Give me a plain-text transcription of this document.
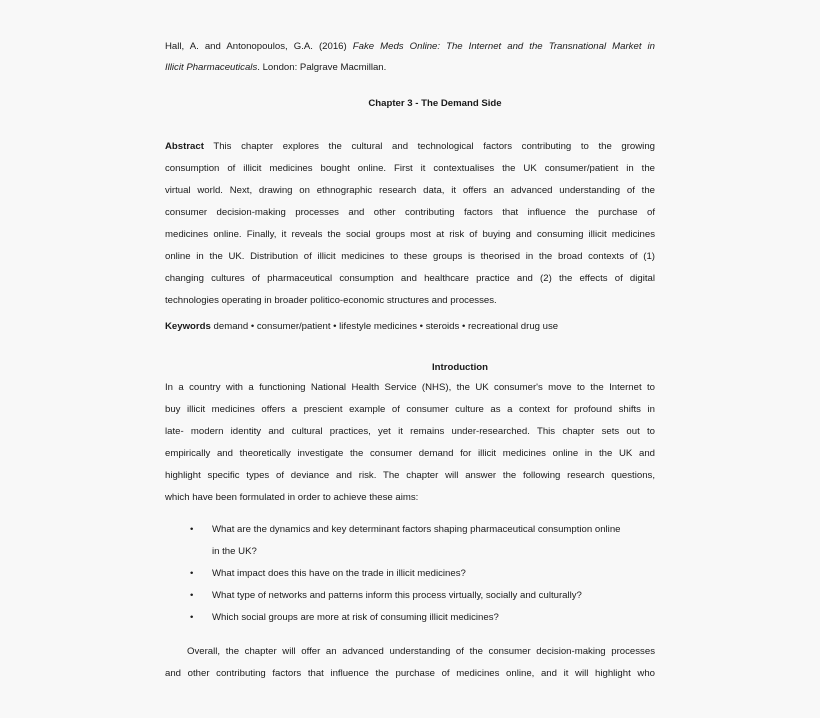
Hall, A. and Antonopoulos, G.A. (2016) Fake Meds Online: The Internet and the Transnational Market in
Illicit Pharmaceuticals. London: Palgrave Macmillan.
Chapter 3 - The Demand Side
Abstract This chapter explores the cultural and technological factors contributing to the growing
consumption of illicit medicines bought online. First it contextualises the UK consumer/patient in the
virtual world. Next, drawing on ethnographic research data, it offers an advanced understanding of the
consumer decision-making processes and other contributing factors that influence the purchase of
medicines online. Finally, it reveals the social groups most at risk of buying and consuming illicit medicines
online in the UK. Distribution of illicit medicines to these groups is theorised in the broad contexts of (1)
changing cultures of pharmaceutical consumption and healthcare practice and (2) the effects of digital
technologies operating in broader politico-economic structures and processes.
Keywords demand • consumer/patient • lifestyle medicines • steroids • recreational drug use
Introduction
In a country with a functioning National Health Service (NHS), the UK consumer's move to the Internet to
buy illicit medicines offers a prescient example of consumer culture as a context for profound shifts in
late- modern identity and cultural practices, yet it remains under-researched. This chapter sets out to
empirically and theoretically investigate the consumer demand for illicit medicines online in the UK and
highlight specific types of deviance and risk. The chapter will answer the following research questions,
which have been formulated in order to achieve these aims:
• What are the dynamics and key determinant factors shaping pharmaceutical consumption online
in the UK?
• What impact does this have on the trade in illicit medicines?
• What type of networks and patterns inform this process virtually, socially and culturally?
• Which social groups are more at risk of consuming illicit medicines?
Overall, the chapter will offer an advanced understanding of the consumer decision-making processes
and other contributing factors that influence the purchase of medicines online, and it will highlight who
